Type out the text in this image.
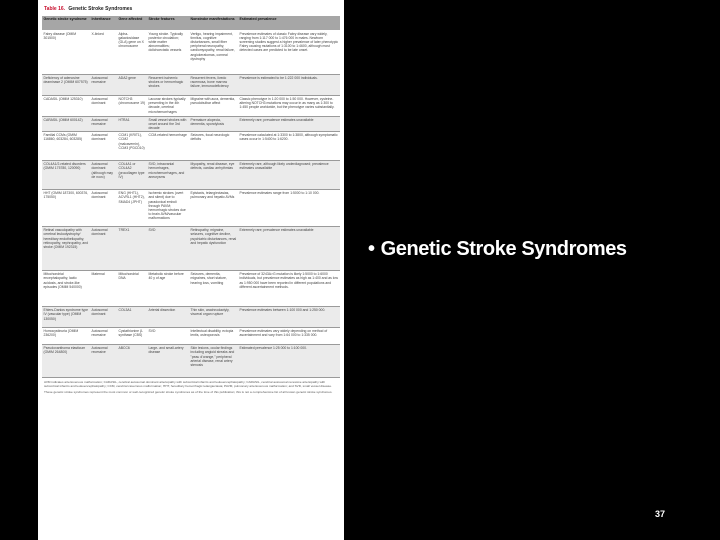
Table 16. Genetic Stroke Syndromes
Genetic stroke syndrome	Inheritance	Gene affected	Stroke features	Nonstroke manifestations	Estimated prevalence
Fabry disease (OMIM 301500)	X-linked	Alpha-galactosidase (GLA) gene on X chromosome	Young stroke. Typically posterior circulation; white matter abnormalities; dolichoectatic vessels	Vertigo, hearing impairment, tinnitus, cognitive disturbances, small fiber peripheral neuropathy, cardiomyopathy, renal failure, angiokeratomas, corneal dystrophy	Prevalence estimates of classic Fabry disease vary widely, ranging from 1:117 000 to 1:476 000 in males. Newborn screening studies suggest a higher prevalence of later phenotypic Fabry causing mutations of 1:3100 to 1:4600, although most detected cases are predicted to be late onset.
Deficiency of adenosine deaminase 2 (OMIM 607575)	Autosomal recessive	ADA2 gene	Recurrent ischemic strokes or hemorrhagic strokes	Recurrent fevers, livedo racemosa, bone marrow failure, immunodeficiency	Prevalence is estimated to be 1:222 000 individuals.
CADASIL (OMIM 125310)	Autosomal dominant	NOTCH3 (chromosome 19)	Lacunar strokes typically presenting in the 4th decade, cerebral microhemorrhages	Migraine with aura, dementia, pseudobulbar affect	Classic phenotype in 1:20 000 to 1:50 000. However, cysteine-altering NOTCH3 mutations may occur in as many as 1:300 to 1:450 people worldwide, but the phenotype varies substantially.
CARASIL (OMIM 600142)	Autosomal recessive	HTRA1	Small vessel strokes with onset around the 3rd decade	Premature alopecia, dementia, spondylosis	Extremely rare; prevalence estimates unavailable
Familial CCMs (OMIM 116860, 603284, 603285)	Autosomal dominant	CCM1 (KRIT1), CCM2 (malcavernin), CCM3 (PDCD10)	CCM-related hemorrhage	Seizures, focal neurologic deficits	Prevalence calculated at 1:3300 to 1:3800, although symptomatic cases occur in 1:5400 to 1:6200.
COL4A1/2-related disorders (OMIM 175780, 120090)	Autosomal dominant (although may de novo)	COL4A1 or COL4A2 (procollagen type IV)	SVD, intracranial hemorrhages, microhemorrhages, and aneurysms	Myopathy, renal disease, eye defects, cardiac arrhythmias	Extremely rare, although likely underdiagnosed; prevalence estimates unavailable
HHT (OMIM 187300, 600376, 175050)	Autosomal dominant	ENG (HHT1), ACVRL1 (HHT2), SMAD4 (JPHT)	Ischemic strokes (overt and silent) due to paradoxical emboli through PAVM; hemorrhagic strokes due to brain AVM/vascular malformations	Epistaxis, telangiectasias, pulmonary and hepatic AVMs	Prevalence estimates range from 1:5000 to 1:10 000.
Retinal vasculopathy with cerebral leukodystrophy/ hereditary endotheliopathy, retinopathy, nephropathy, and stroke (OMIM 192315)	Autosomal dominant	TREX1	SVD	Retinopathy, migraine, seizures, cognitive decline, psychiatric disturbances, renal and hepatic dysfunction	Extremely rare; prevalence estimates unavailable
Mitochondrial encephalopathy, lactic acidosis, and stroke-like episodes (OMIM 540000)	Maternal	Mitochondrial DNA	Metabolic stroke before 40 y of age	Seizures, dementia, migraines, short stature, hearing loss, vomiting	Prevalence of 3243A>G mutation is likely 1:5000 to 1:6000 individuals, but prevalence estimates as high as 1:400 and as low as 1:950 000 have been reported in different populations and different ascertainment methods.
Ehlers-Danlos syndrome type IV (vascular type) (OMIM 130050)	Autosomal dominant	COL3A1	Arterial dissection	Thin skin, arachnodactyly, visceral organ rupture	Prevalence estimates between 1:100 000 and 1:250 000.
Homocystinuria (OMIM 236200)	Autosomal recessive	Cystathionine β-synthase (CBS)	SVD	Intellectual disability, ectopia lentis, osteoporosis	Prevalence estimates vary widely depending on method of ascertainment and vary from 1:64 000 to 1:335 000.
Pseudoxanthoma elasticum (OMIM 264800)	Autosomal recessive	ABCC6	Large- and small-artery disease	Skin lesions, ocular findings including angioid streaks and "peau d'orange," peripheral arterial disease, renal artery stenosis	Estimated prevalence 1:25 000 to 1:100 000.

AVM indicates arteriovenous malformation; CADASIL, cerebral autosomal dominant arteriopathy with subcortical infarcts and leukoencephalopathy; CARASIL, cerebral autosomal recessive arteriopathy with subcortical infarcts and leukoencephalopathy; CCM, cerebral cavernous malformation; HHT, hereditary hemorrhagic telangiectasia; PAVM, pulmonary arteriovenous malformation; and SVD, small vessel disease.

These genetic stroke syndromes represent the most common or well-recognized genetic stroke syndromes as of the time of this publication; this is not a comprehensive list of all known genetic stroke syndromes.

• Genetic Stroke Syndromes
37
